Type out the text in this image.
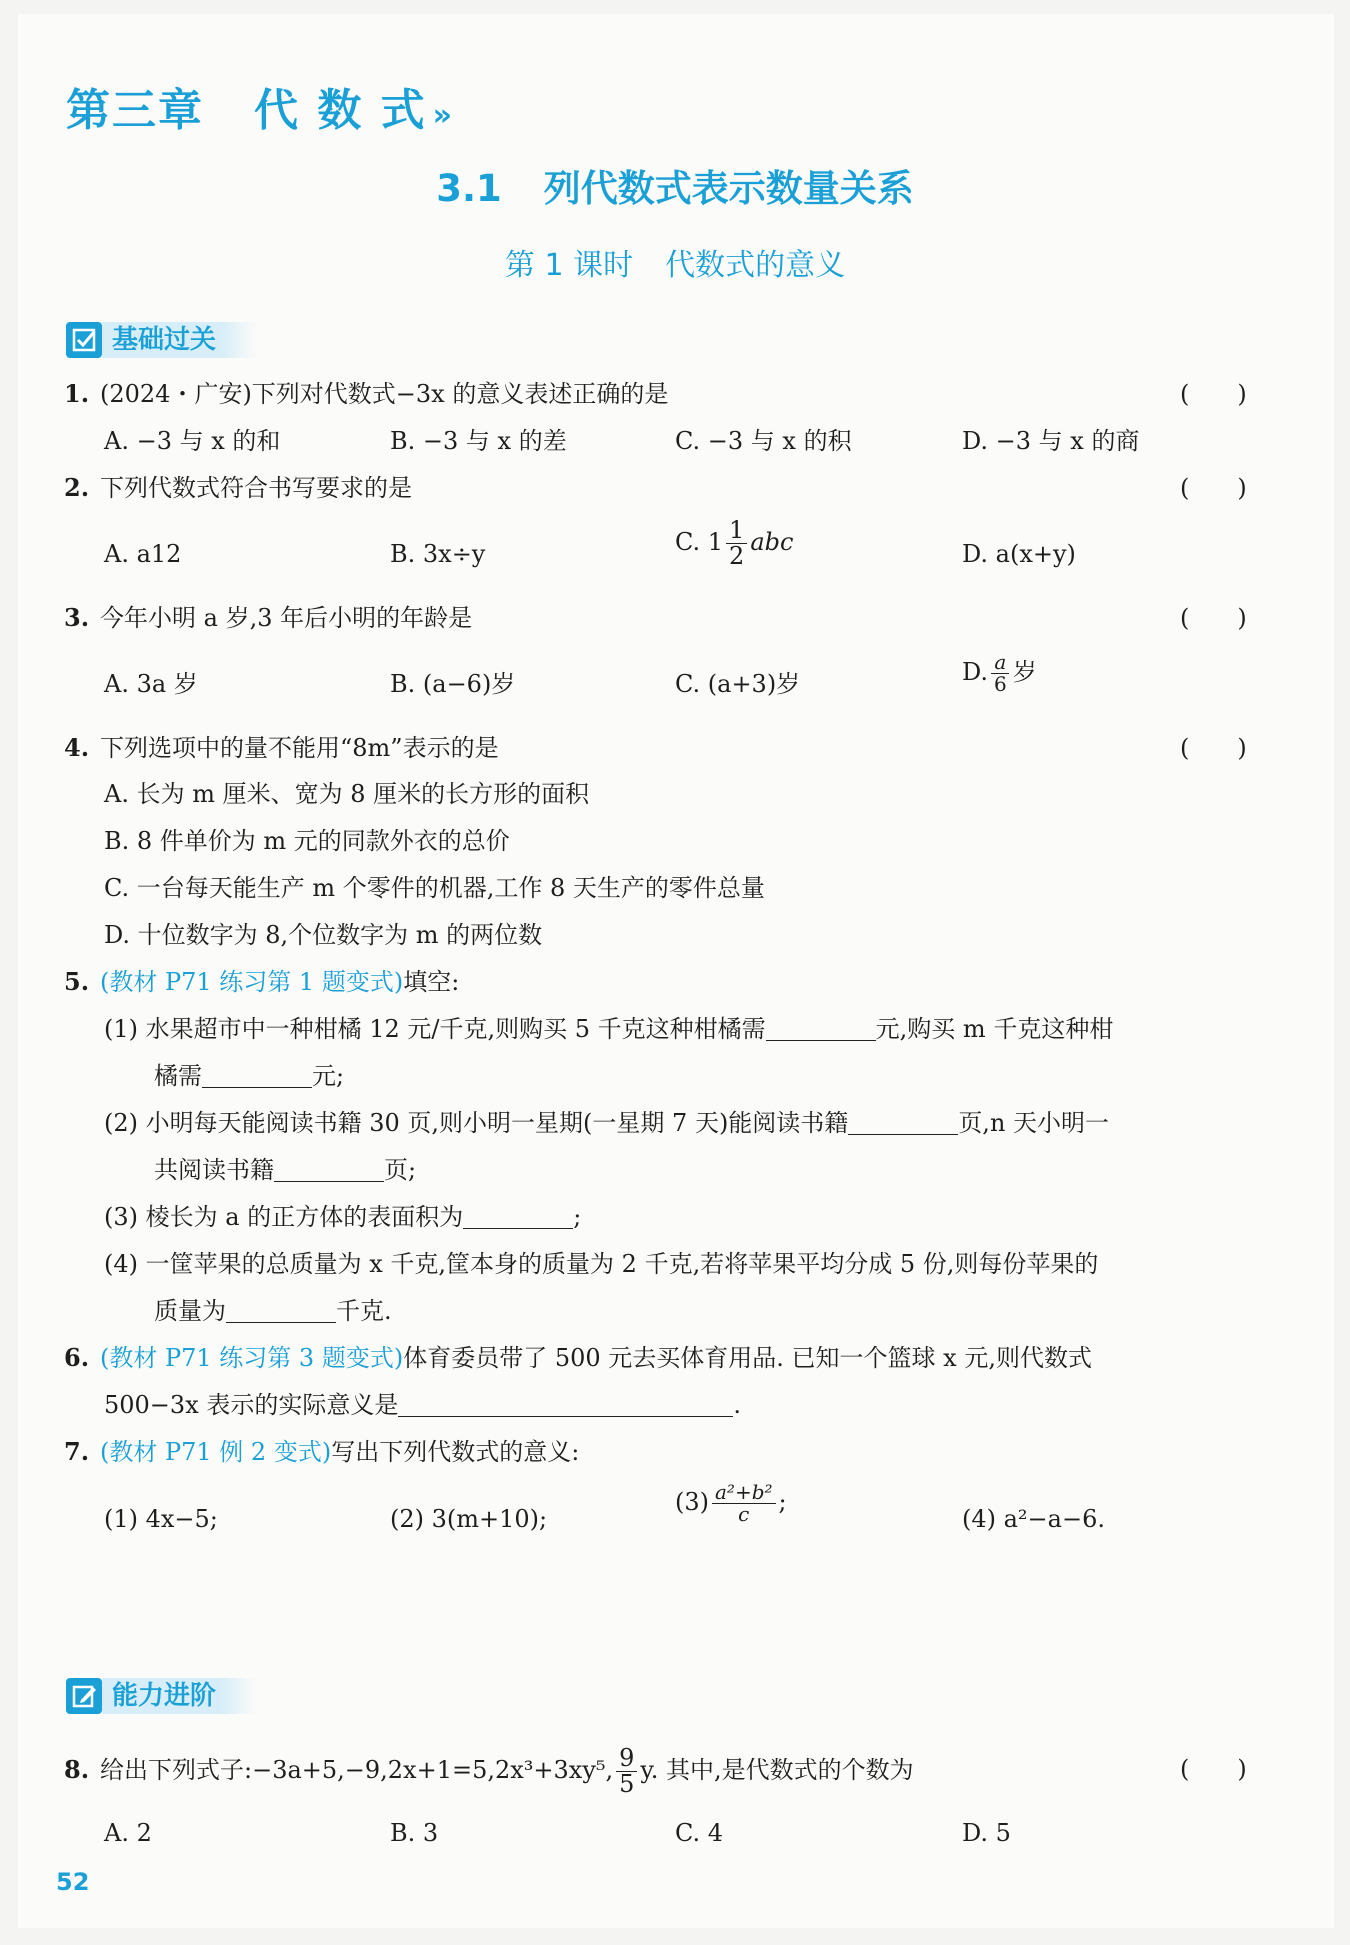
第三章 代 数 式 »
3.1 列代数式表示数量关系
第 1 课时 代数式的意义
基础过关
1. (2024・广安)下列对代数式−3x 的意义表述正确的是	(　　)
A. −3 与 x 的和	B. −3 与 x 的差	C. −3 与 x 的积	D. −3 与 x 的商
2. 下列代数式符合书写要求的是	(　　)
A. a12	B. 3x÷y	C. $1 \frac{1}{2}$ abc	D. a(x+y)
3. 今年小明 a 岁,3 年后小明的年龄是	(　　)
A. 3a 岁	B. (a−6)岁	C. (a+3)岁	D. $\frac{a}{6}$ 岁
4. 下列选项中的量不能用“8m”表示的是	(　　)
A. 长为 m 厘米、宽为 8 厘米的长方形的面积
B. 8 件单价为 m 元的同款外衣的总价
C. 一台每天能生产 m 个零件的机器,工作 8 天生产的零件总量
D. 十位数字为 8,个位数字为 m 的两位数
5. (教材 P71 练习第 1 题变式)填空:
(1) 水果超市中一种柑橘 12 元/千克,则购买 5 千克这种柑橘需	元,购买 m 千克这种柑
橘需	元;
(2) 小明每天能阅读书籍 30 页,则小明一星期(一星期 7 天)能阅读书籍	页,n 天小明一
共阅读书籍	页;
(3) 棱长为 a 的正方体的表面积为	;
(4) 一筐苹果的总质量为 x 千克,筐本身的质量为 2 千克,若将苹果平均分成 5 份,则每份苹果的
质量为	千克.
6. (教材 P71 练习第 3 题变式)体育委员带了 500 元去买体育用品. 已知一个篮球 x 元,则代数式
500−3x 表示的实际意义是	.
7. (教材 P71 例 2 变式)写出下列代数式的意义:
(1) 4x−5;	(2) 3(m+10);
$(3) \frac{\text{a²+b²}}{c}$ ;
(4) a²−a−6.
能力进阶
8. 给出下列式子:−3a+5,−9,2x+1=5,2x³+3xy⁵, $\frac{9}{5} y$. 其中,是代数式的个数为	(　　)
A. 2	B. 3	C. 4	D. 5
52
